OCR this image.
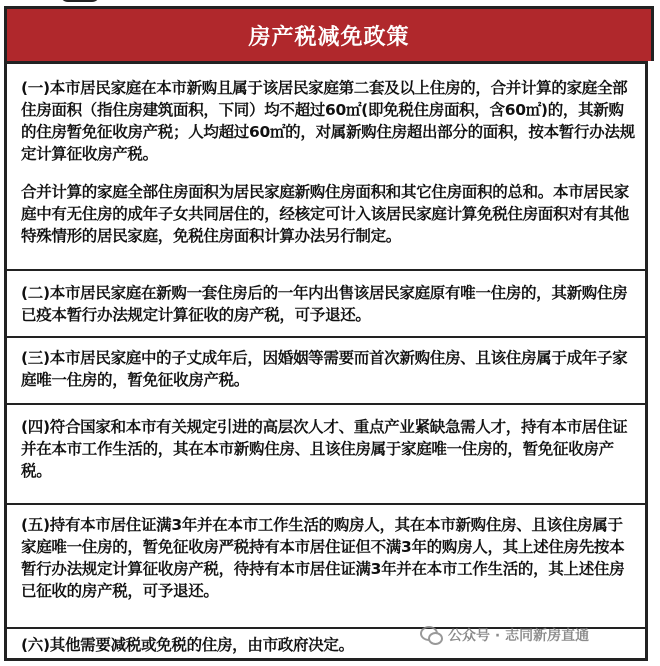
房产税减免政策

(一)本市居民家庭在本市新购且属于该居民家庭第二套及以上住房的，合并计算的家庭全部住房面积（指住房建筑面积，下同）均不超过60㎡(即免税住房面积，含60㎡)的，其新购的住房暂免征收房产税；人均超过60㎡的，对属新购住房超出部分的面积，按本暂行办法规定计算征收房产税。

合并计算的家庭全部住房面积为居民家庭新购住房面积和其它住房面积的总和。本市居民家庭中有无住房的成年子女共同居住的，经核定可计入该居民家庭计算免税住房面积对有其他特殊情形的居民家庭，免税住房面积计算办法另行制定。

(二)本市居民家庭在新购一套住房后的一年内出售该居民家庭原有唯一住房的，其新购住房已疫本暂行办法规定计算征收的房产税，可予退还。

(三)本市居民家庭中的子丈成年后，因婚姻等需要而首次新购住房、且该住房属于成年子家庭唯一住房的，暂免征收房产税。

(四)符合国家和本市有关规定引进的高层次人才、重点产业紧缺急需人才，持有本市居住证并在本市工作生活的，其在本市新购住房、且该住房属于家庭唯一住房的，暂免征收房产税。

(五)持有本市居住证满3年并在本市工作生活的购房人，其在本市新购住房、且该住房属于家庭唯一住房的，暂免征收房严税持有本市居住证但不满3年的购房人，其上述住房先按本暂行办法规定计算征收房产税，待持有本市居住证满3年并在本市工作生活的，其上述住房已征收的房产税，可予退还。

(六)其他需要减税或免税的住房，由市政府决定。	公众号 · 志同新房直通
